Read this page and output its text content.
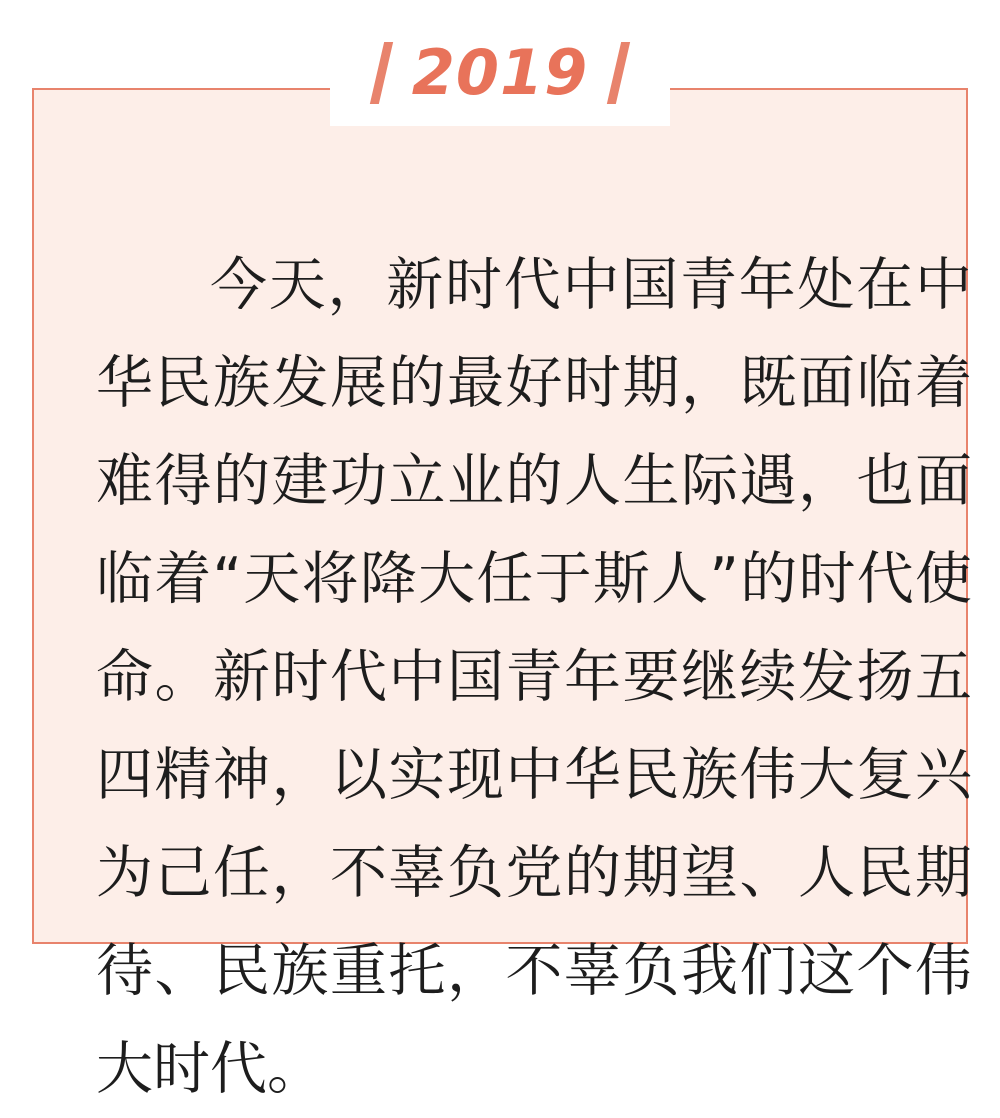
今天，新时代中国青年处在中华民族发展的最好时期，既面临着难得的建功立业的人生际遇，也面临着“天将降大任于斯人”的时代使命。新时代中国青年要继续发扬五四精神，以实现中华民族伟大复兴为己任，不辜负党的期望、人民期待、民族重托，不辜负我们这个伟大时代。
2019
